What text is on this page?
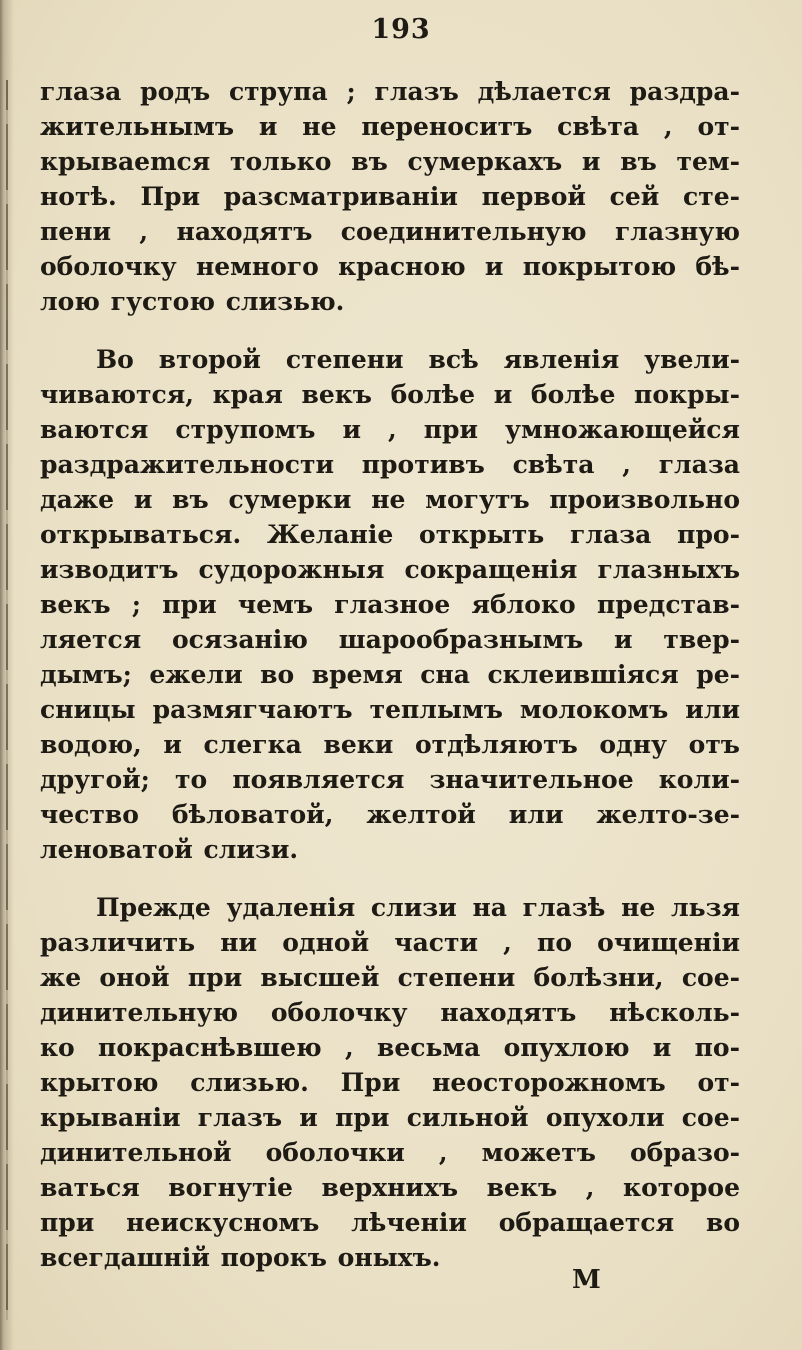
193
глаза родъ струпа ; глазъ дѣлается раздра-
жительнымъ и не переноситъ свѣта , от-
крываеmся только въ сумеркахъ и въ тем-
нотѣ. При разсматриванiи первой сей сте-
пени , находятъ соединительную глазную
оболочку немного красною и покрытою бѣ-
лою густою слизью.
Во второй степени всѣ явленiя увели-
чиваются, края векъ болѣе и болѣе покры-
ваются струпомъ и , при умножающейся
раздражительности противъ свѣта , глаза
даже и въ сумерки не могутъ произвольно
открываться. Желанiе открыть глаза про-
изводитъ судорожныя сокращенiя глазныхъ
векъ ; при чемъ глазное яблоко представ-
ляется осязанiю шарообразнымъ и твер-
дымъ; ежели во время сна склеившiяся ре-
сницы размягчаютъ теплымъ молокомъ или
водою, и слегка веки отдѣляютъ одну отъ
другой; то появляется значительное коли-
чество бѣловатой, желтой или желто-зе-
леноватой слизи.
Прежде удаленiя слизи на глазѣ не льзя
различить ни одной части , по очищенiи
же оной при высшей степени болѣзни, сое-
динительную оболочку находятъ нѣсколь-
ко покраснѣвшею , весьма опухлою и по-
крытою слизью. При неосторожномъ от-
крыванiи глазъ и при сильной опухоли сое-
динительной оболочки , можетъ образо-
ваться вогнутiе верхнихъ векъ , которое
при неискусномъ лѣченiи обращается во
всегдашнiй порокъ оныхъ.
М
